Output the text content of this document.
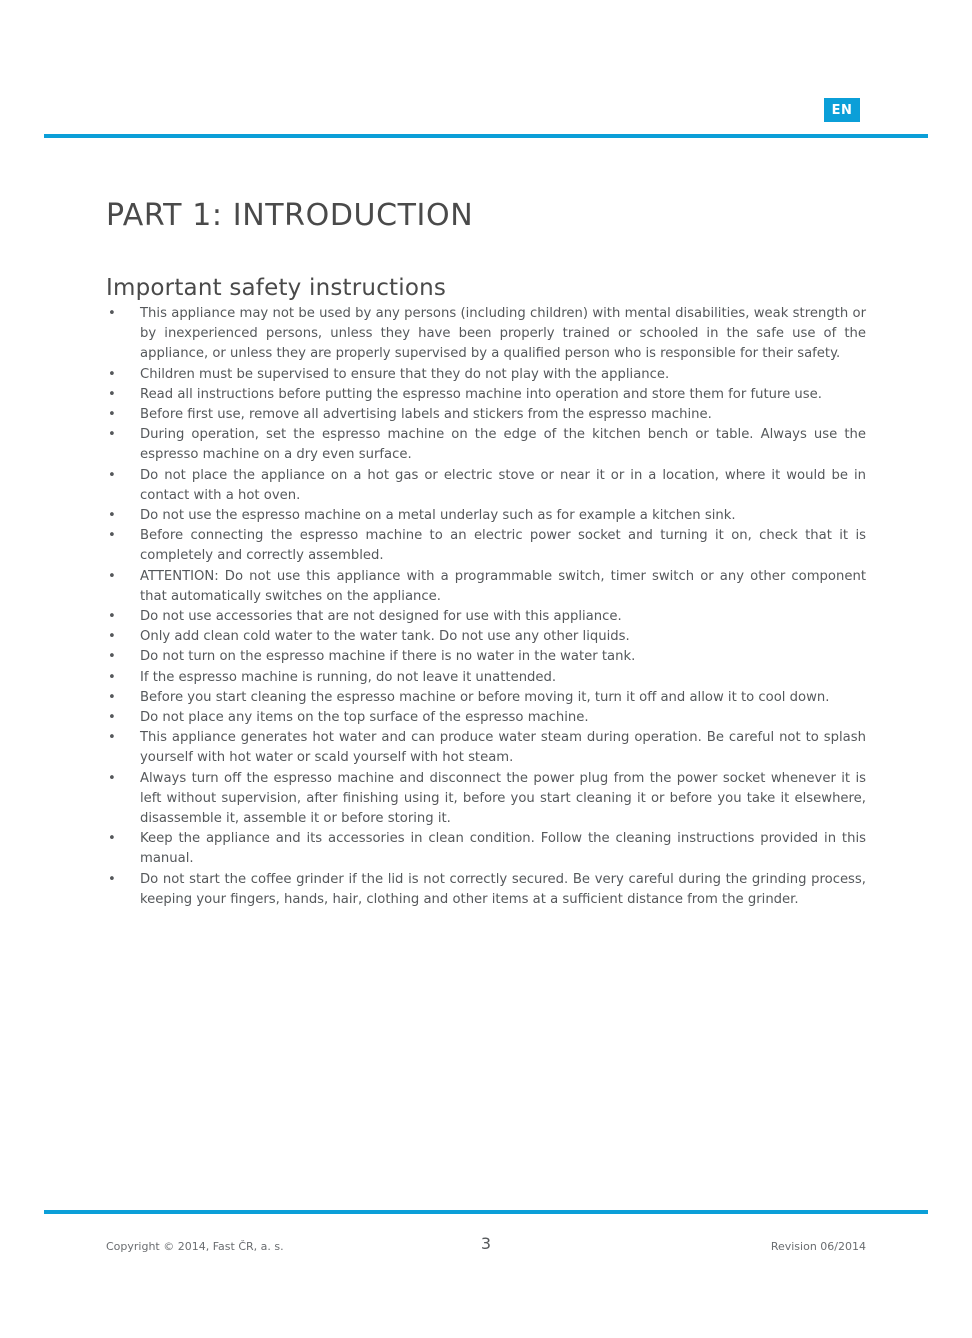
EN
PART 1: INTRODUCTION
Important safety instructions
• This appliance may not be used by any persons (including children) with mental disabilities, weak strength or by inexperienced persons, unless they have been properly trained or schooled in the safe use of the appliance, or unless they are properly supervised by a qualified person who is responsible for their safety.
• Children must be supervised to ensure that they do not play with the appliance.
• Read all instructions before putting the espresso machine into operation and store them for future use.
• Before first use, remove all advertising labels and stickers from the espresso machine.
• During operation, set the espresso machine on the edge of the kitchen bench or table. Always use the espresso machine on a dry even surface.
• Do not place the appliance on a hot gas or electric stove or near it or in a location, where it would be in contact with a hot oven.
• Do not use the espresso machine on a metal underlay such as for example a kitchen sink.
• Before connecting the espresso machine to an electric power socket and turning it on, check that it is completely and correctly assembled.
• ATTENTION: Do not use this appliance with a programmable switch, timer switch or any other component that automatically switches on the appliance.
• Do not use accessories that are not designed for use with this appliance.
• Only add clean cold water to the water tank. Do not use any other liquids.
• Do not turn on the espresso machine if there is no water in the water tank.
• If the espresso machine is running, do not leave it unattended.
• Before you start cleaning the espresso machine or before moving it, turn it off and allow it to cool down.
• Do not place any items on the top surface of the espresso machine.
• This appliance generates hot water and can produce water steam during operation. Be careful not to splash yourself with hot water or scald yourself with hot steam.
• Always turn off the espresso machine and disconnect the power plug from the power socket whenever it is left without supervision, after finishing using it, before you start cleaning it or before you take it elsewhere, disassemble it, assemble it or before storing it.
• Keep the appliance and its accessories in clean condition. Follow the cleaning instructions provided in this manual.
• Do not start the coffee grinder if the lid is not correctly secured. Be very careful during the grinding process, keeping your fingers, hands, hair, clothing and other items at a sufficient distance from the grinder.
Copyright © 2014, Fast ČR, a. s.	3	Revision 06/2014
